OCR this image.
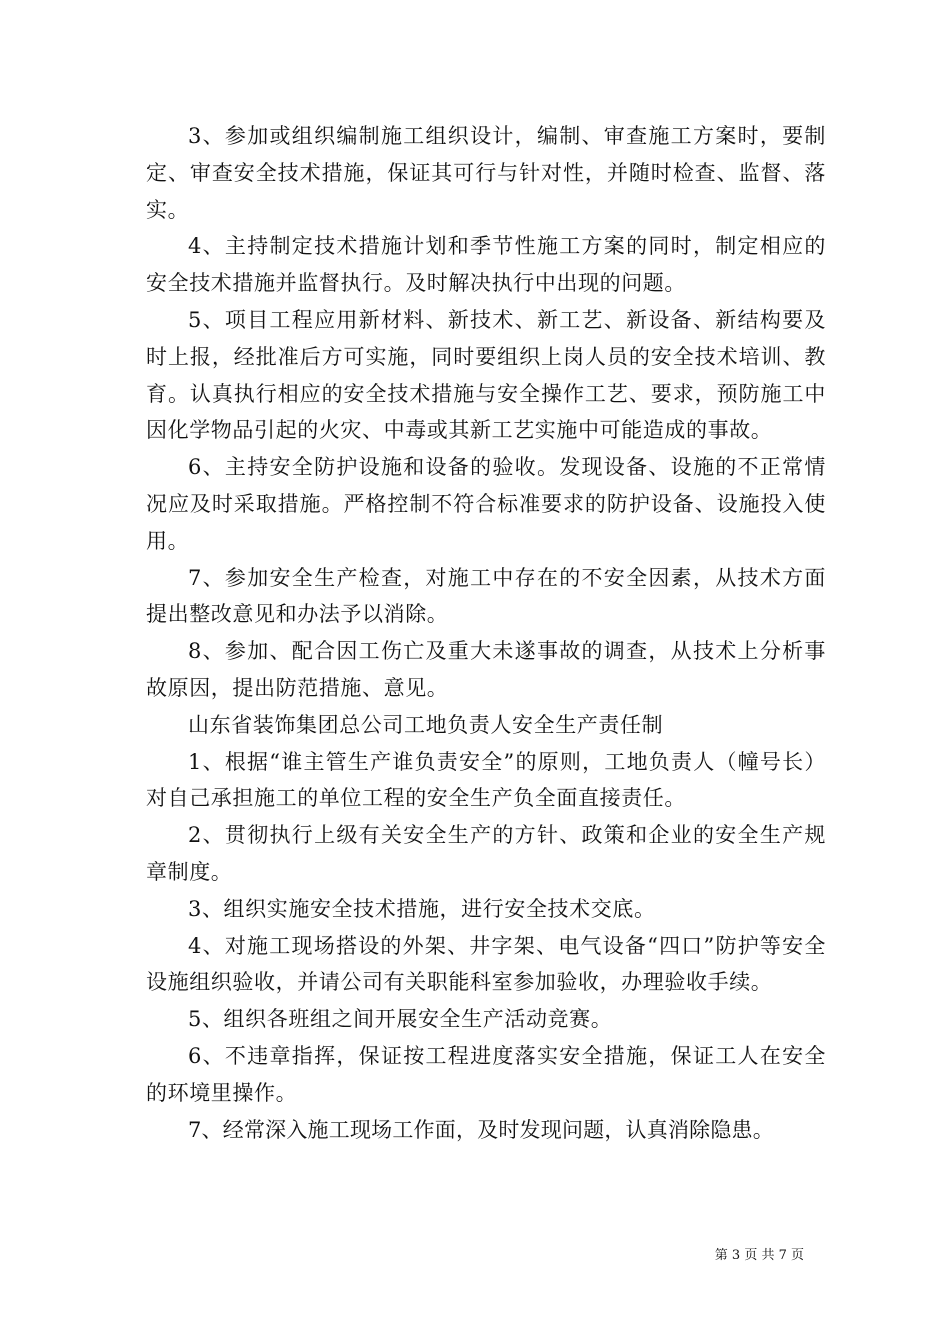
3、参加或组织编制施工组织设计，编制、审查施工方案时，要制定、审查安全技术措施，保证其可行与针对性，并随时检查、监督、落实。

4、主持制定技术措施计划和季节性施工方案的同时，制定相应的安全技术措施并监督执行。及时解决执行中出现的问题。

5、项目工程应用新材料、新技术、新工艺、新设备、新结构要及时上报，经批准后方可实施，同时要组织上岗人员的安全技术培训、教育。认真执行相应的安全技术措施与安全操作工艺、要求，预防施工中因化学物品引起的火灾、中毒或其新工艺实施中可能造成的事故。

6、主持安全防护设施和设备的验收。发现设备、设施的不正常情况应及时采取措施。严格控制不符合标准要求的防护设备、设施投入使用。

7、参加安全生产检查，对施工中存在的不安全因素，从技术方面提出整改意见和办法予以消除。

8、参加、配合因工伤亡及重大未遂事故的调查，从技术上分析事故原因，提出防范措施、意见。

山东省装饰集团总公司工地负责人安全生产责任制

1、根据“谁主管生产谁负责安全”的原则，工地负责人（幢号长）对自己承担施工的单位工程的安全生产负全面直接责任。

2、贯彻执行上级有关安全生产的方针、政策和企业的安全生产规章制度。

3、组织实施安全技术措施，进行安全技术交底。

4、对施工现场搭设的外架、井字架、电气设备“四口”防护等安全设施组织验收，并请公司有关职能科室参加验收，办理验收手续。

5、组织各班组之间开展安全生产活动竞赛。

6、不违章指挥，保证按工程进度落实安全措施，保证工人在安全的环境里操作。

7、经常深入施工现场工作面，及时发现问题，认真消除隐患。

第 3 页 共 7 页
